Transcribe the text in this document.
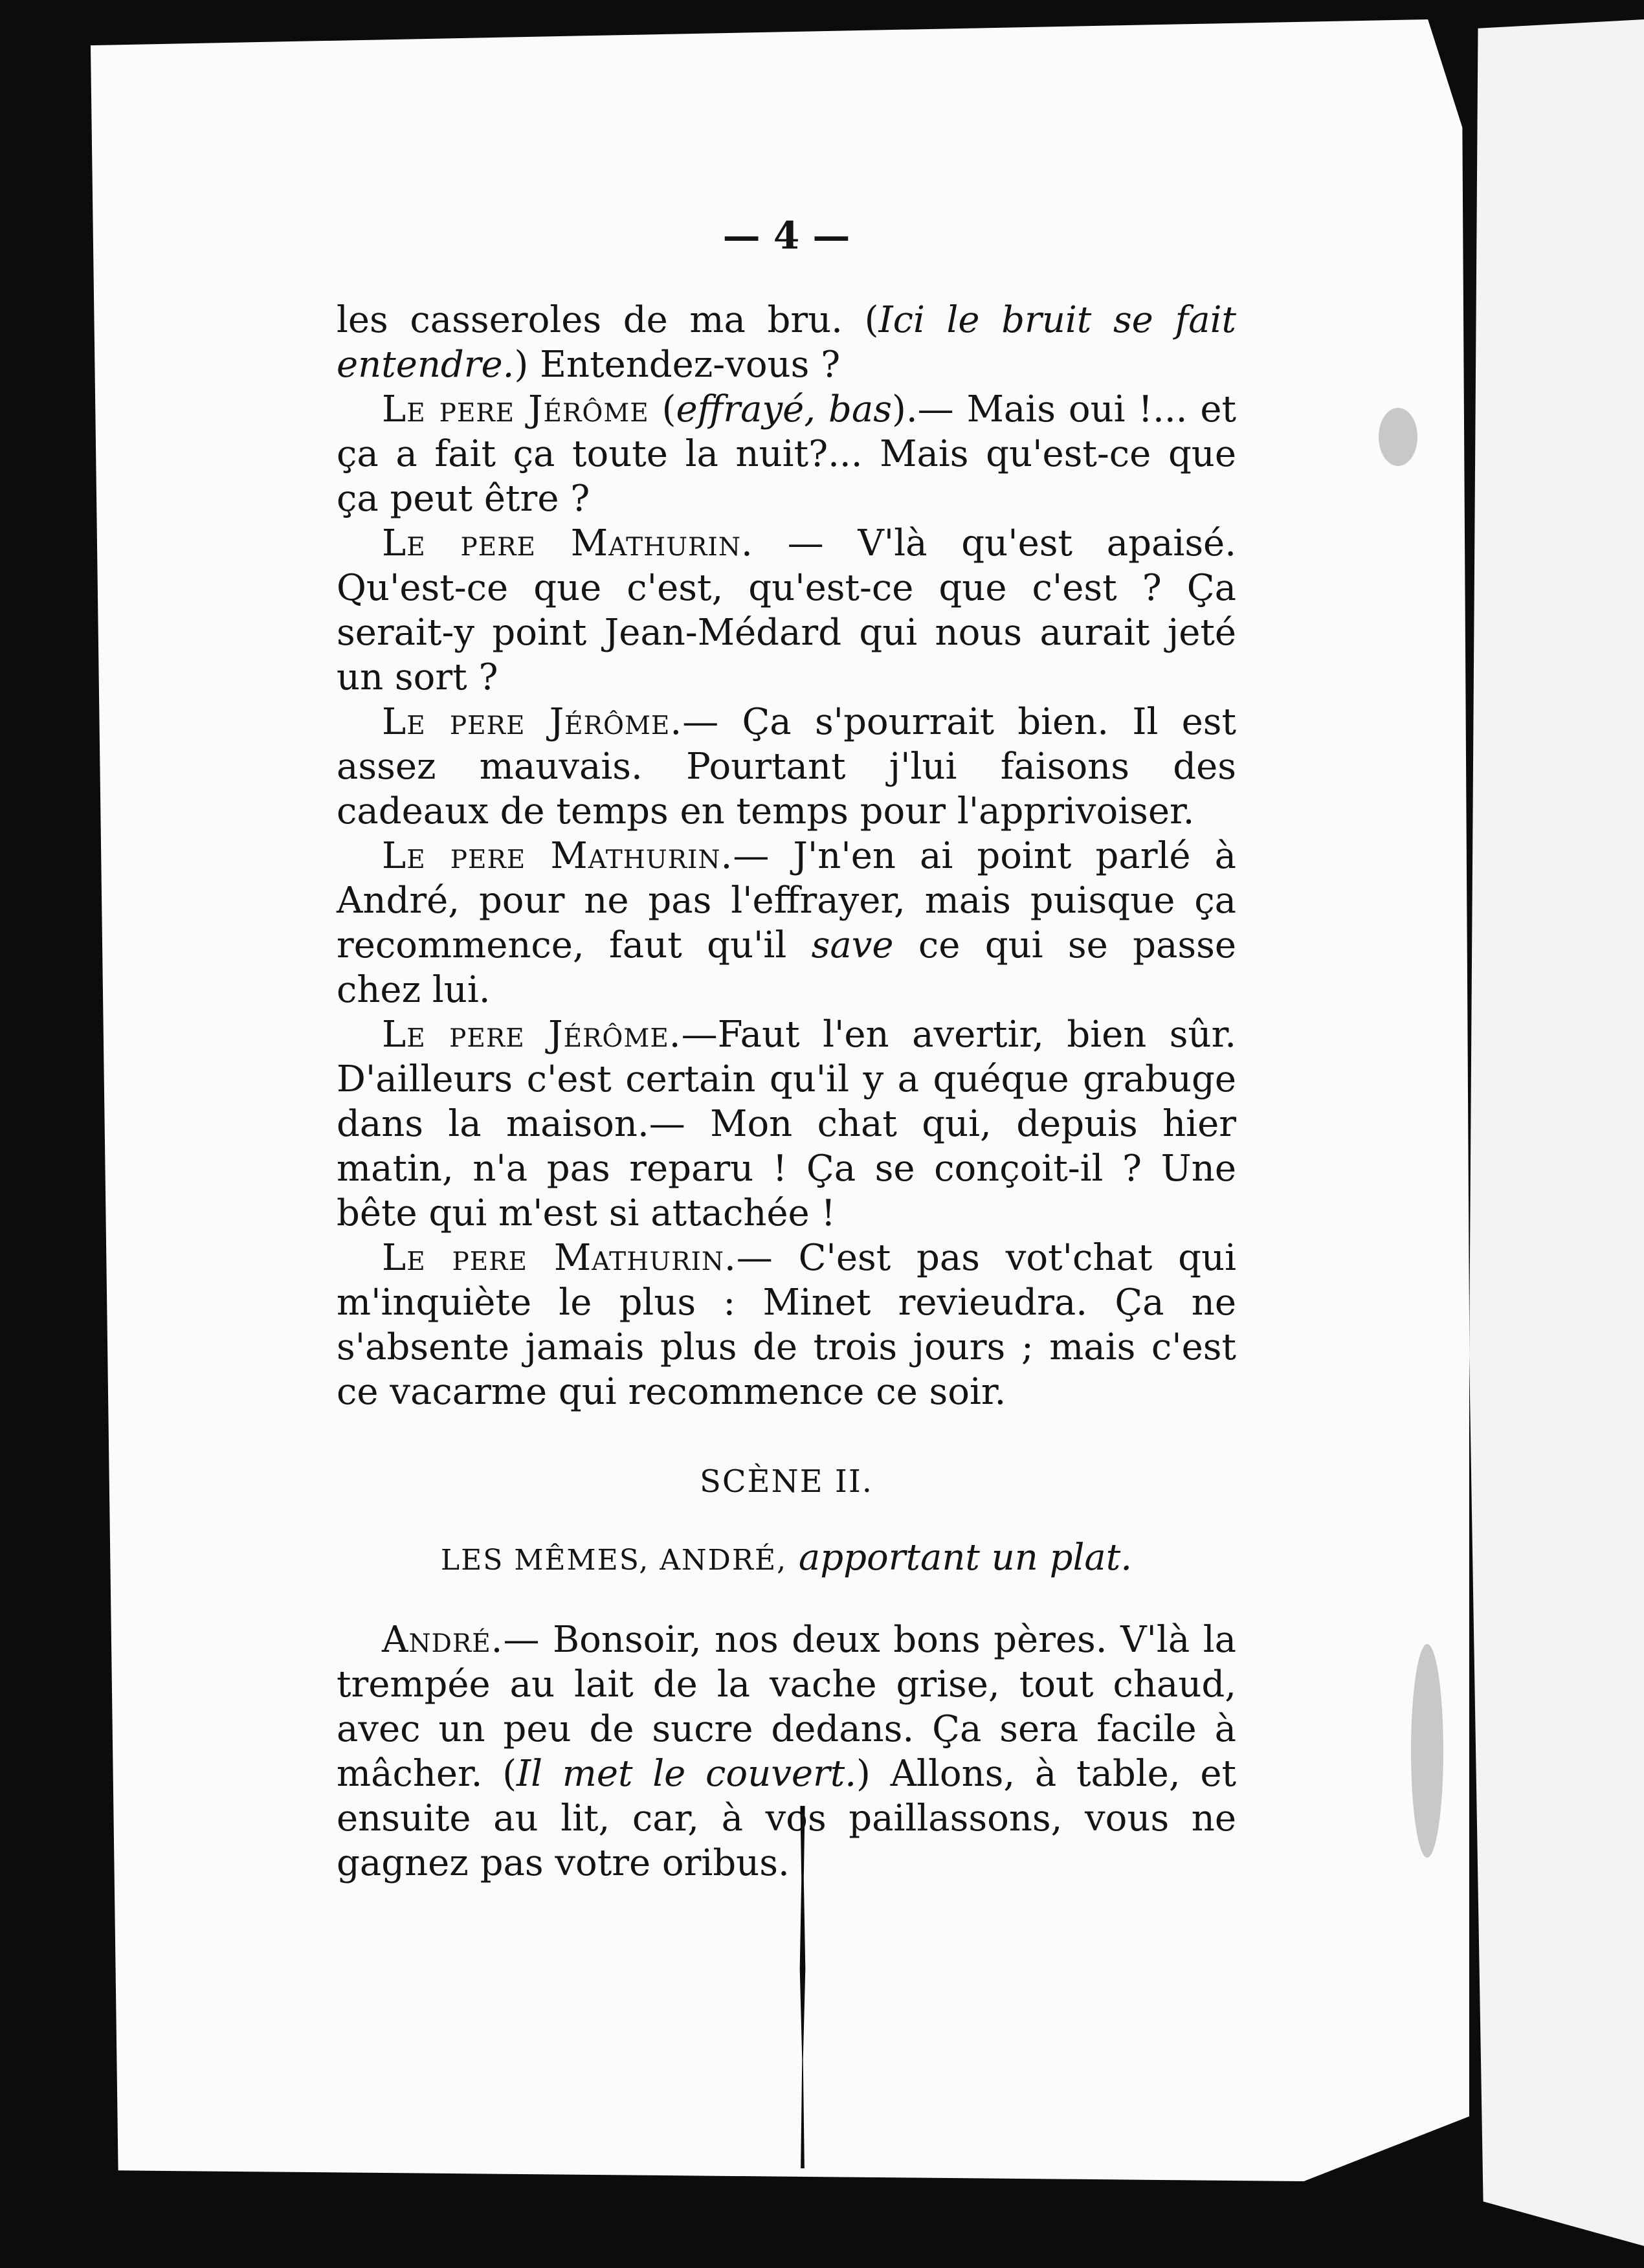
— 4 —

les casseroles de ma bru. (Ici le bruit se fait entendre.) Entendez-vous ?

Le pere Jérôme (effrayé, bas).— Mais oui !... et ça a fait ça toute la nuit?... Mais qu'est-ce que ça peut être ?

Le pere Mathurin. — V'là qu'est apaisé. Qu'est-ce que c'est, qu'est-ce que c'est ? Ça serait-y point Jean-Médard qui nous aurait jeté un sort ?

Le pere Jérôme.— Ça s'pourrait bien. Il est assez mauvais. Pourtant j'lui faisons des cadeaux de temps en temps pour l'apprivoiser.

Le pere Mathurin.— J'n'en ai point parlé à André, pour ne pas l'effrayer, mais puisque ça recommence, faut qu'il save ce qui se passe chez lui.

Le pere Jérôme.—Faut l'en avertir, bien sûr. D'ailleurs c'est certain qu'il y a quéque grabuge dans la maison.— Mon chat qui, depuis hier matin, n'a pas reparu ! Ça se conçoit-il ? Une bête qui m'est si attachée !

Le pere Mathurin.— C'est pas vot'chat qui m'inquiète le plus : Minet revieudra. Ça ne s'absente jamais plus de trois jours ; mais c'est ce vacarme qui recommence ce soir.

SCÈNE II.
LES MÊMES, ANDRÉ, apportant un plat.

André.— Bonsoir, nos deux bons pères. V'là la trempée au lait de la vache grise, tout chaud, avec un peu de sucre dedans. Ça sera facile à mâcher. (Il met le couvert.) Allons, à table, et ensuite au lit, car, à vos paillassons, vous ne gagnez pas votre oribus.
